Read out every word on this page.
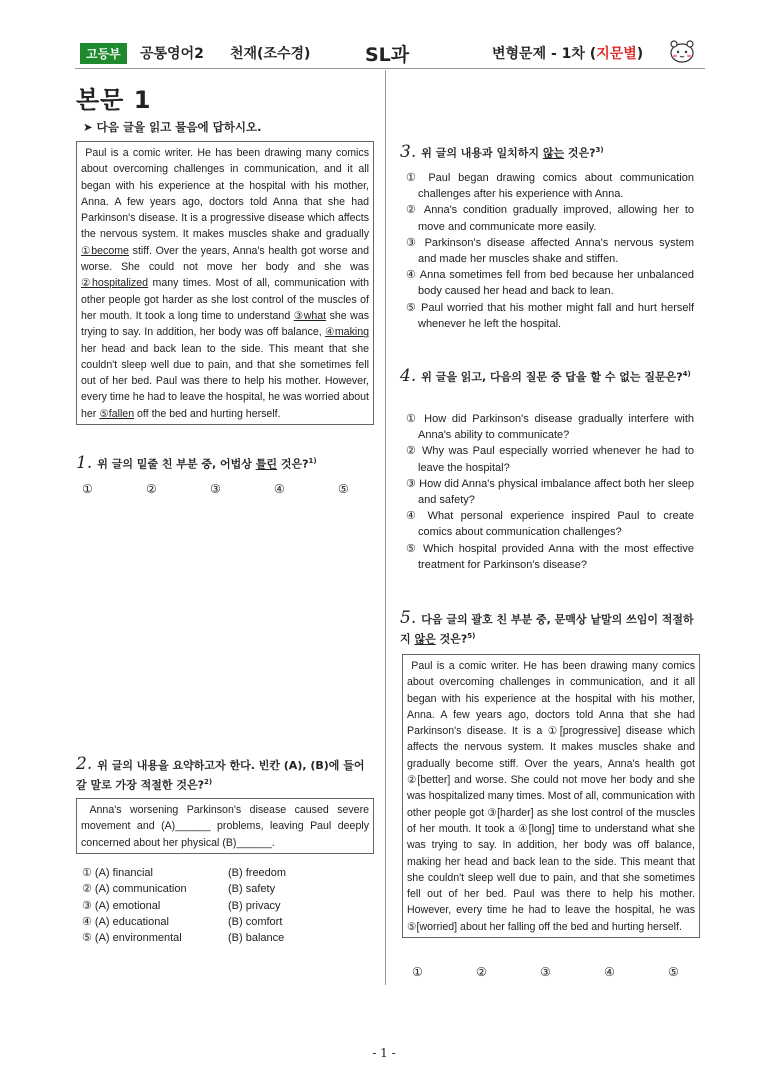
고등부	공통영어2 천재(조수경)	SL과	변형문제 - 1차 (지문별)
본문 1
➤ 다음 글을 읽고 물음에 답하시오.
Paul is a comic writer. He has been drawing many comics about overcoming challenges in communication, and it all began with his experience at the hospital with his mother, Anna. A few years ago, doctors told Anna that she had Parkinson's disease. It is a progressive disease which affects the nervous system. It makes muscles shake and gradually ①become stiff. Over the years, Anna's health got worse and worse. She could not move her body and she was ②hospitalized many times. Most of all, communication with other people got harder as she lost control of the muscles of her mouth. It took a long time to understand ③what she was trying to say. In addition, her body was off balance, ④making her head and back lean to the side. This meant that she couldn't sleep well due to pain, and that she sometimes fell out of her bed. Paul was there to help his mother. However, every time he had to leave the hospital, he was worried about her ⑤fallen off the bed and hurting herself.
1. 위 글의 밑줄 친 부분 중, 어법상 틀린 것은?$^{1)}$
①	②	③	④	⑤
2. 위 글의 내용을 요약하고자 한다. 빈칸 (A), (B)에 들어갈 말로 가장 적절한 것은?$^{2)}$
Anna's worsening Parkinson's disease caused severe movement and (A)______ problems, leaving Paul deeply concerned about her physical (B)______.
① (A) financial	(B) freedom
② (A) communication	(B) safety
③ (A) emotional	(B) privacy
④ (A) educational	(B) comfort
⑤ (A) environmental	(B) balance
3. 위 글의 내용과 일치하지 않는 것은?$^{3)}$
① Paul began drawing comics about communication challenges after his experience with Anna.
② Anna's condition gradually improved, allowing her to move and communicate more easily.
③ Parkinson's disease affected Anna's nervous system and made her muscles shake and stiffen.
④ Anna sometimes fell from bed because her unbalanced body caused her head and back to lean.
⑤ Paul worried that his mother might fall and hurt herself whenever he left the hospital.
4. 위 글을 읽고, 다음의 질문 중 답을 할 수 없는 질문은?$^{4)}$
① How did Parkinson's disease gradually interfere with Anna's ability to communicate?
② Why was Paul especially worried whenever he had to leave the hospital?
③ How did Anna's physical imbalance affect both her sleep and safety?
④ What personal experience inspired Paul to create comics about communication challenges?
⑤ Which hospital provided Anna with the most effective treatment for Parkinson's disease?
5. 다음 글의 괄호 친 부분 중, 문맥상 낱말의 쓰임이 적절하지 않은 것은?$^{5)}$
Paul is a comic writer. He has been drawing many comics about overcoming challenges in communication, and it all began with his experience at the hospital with his mother, Anna. A few years ago, doctors told Anna that she had Parkinson's disease. It is a ①[progressive] disease which affects the nervous system. It makes muscles shake and gradually become stiff. Over the years, Anna's health got ②[better] and worse. She could not move her body and she was hospitalized many times. Most of all, communication with other people got ③[harder] as she lost control of the muscles of her mouth. It took a ④[long] time to understand what she was trying to say. In addition, her body was off balance, making her head and back lean to the side. This meant that she couldn't sleep well due to pain, and that she sometimes fell out of her bed. Paul was there to help his mother. However, every time he had to leave the hospital, he was ⑤[worried] about her falling off the bed and hurting herself.
①	②	③	④	⑤
- 1 -
